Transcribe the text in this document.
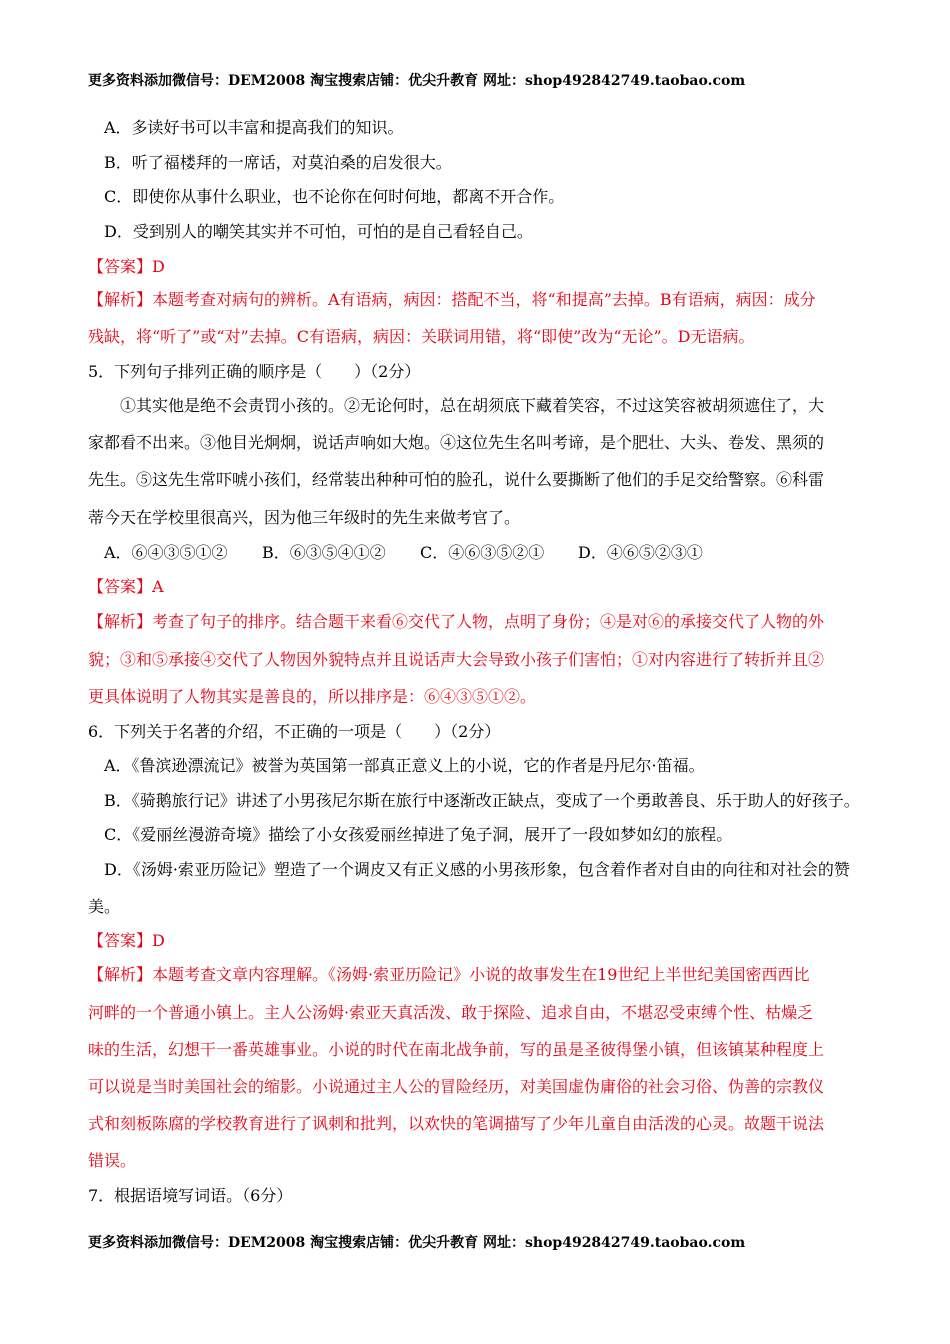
更多资料添加微信号：DEM2008 淘宝搜索店铺：优尖升教育 网址：shop492842749.taobao.com
A．多读好书可以丰富和提高我们的知识。
B．听了福楼拜的一席话，对莫泊桑的启发很大。
C．即使你从事什么职业，也不论你在何时何地，都离不开合作。
D．受到别人的嘲笑其实并不可怕，可怕的是自己看轻自己。
【答案】D
【解析】本题考查对病句的辨析。A有语病，病因：搭配不当，将“和提高”去掉。B有语病，病因：成分
残缺，将“听了”或“对”去掉。C有语病，病因：关联词用错，将“即使”改为“无论”。D无语病。
5．下列句子排列正确的顺序是（　　）（2分）
①其实他是绝不会责罚小孩的。②无论何时，总在胡须底下藏着笑容，不过这笑容被胡须遮住了，大
家都看不出来。③他目光炯炯，说话声响如大炮。④这位先生名叫考谛，是个肥壮、大头、卷发、黑须的
先生。⑤这先生常吓唬小孩们，经常装出种种可怕的脸孔，说什么要撕断了他们的手足交给警察。⑥科雷
蒂今天在学校里很高兴，因为他三年级时的先生来做考官了。
A．⑥④③⑤①② B．⑥③⑤④①② C．④⑥③⑤②① D．④⑥⑤②③①
【答案】A
【解析】考查了句子的排序。结合题干来看⑥交代了人物，点明了身份；④是对⑥的承接交代了人物的外
貌；③和⑤承接④交代了人物因外貌特点并且说话声大会导致小孩子们害怕；①对内容进行了转折并且②
更具体说明了人物其实是善良的，所以排序是：⑥④③⑤①②。
6．下列关于名著的介绍，不正确的一项是（　　）（2分）
A．《鲁滨逊漂流记》被誉为英国第一部真正意义上的小说，它的作者是丹尼尔·笛福。
B．《骑鹅旅行记》讲述了小男孩尼尔斯在旅行中逐渐改正缺点，变成了一个勇敢善良、乐于助人的好孩子。
C．《爱丽丝漫游奇境》描绘了小女孩爱丽丝掉进了兔子洞，展开了一段如梦如幻的旅程。
D．《汤姆·索亚历险记》塑造了一个调皮又有正义感的小男孩形象，包含着作者对自由的向往和对社会的赞
美。
【答案】D
【解析】本题考查文章内容理解。《汤姆·索亚历险记》小说的故事发生在19世纪上半世纪美国密西西比
河畔的一个普通小镇上。主人公汤姆·索亚天真活泼、敢于探险、追求自由，不堪忍受束缚个性、枯燥乏
味的生活，幻想干一番英雄事业。小说的时代在南北战争前，写的虽是圣彼得堡小镇，但该镇某种程度上
可以说是当时美国社会的缩影。小说通过主人公的冒险经历，对美国虚伪庸俗的社会习俗、伪善的宗教仪
式和刻板陈腐的学校教育进行了讽刺和批判，以欢快的笔调描写了少年儿童自由活泼的心灵。故题干说法
错误。
7．根据语境写词语。（6分）
更多资料添加微信号：DEM2008 淘宝搜索店铺：优尖升教育 网址：shop492842749.taobao.com
